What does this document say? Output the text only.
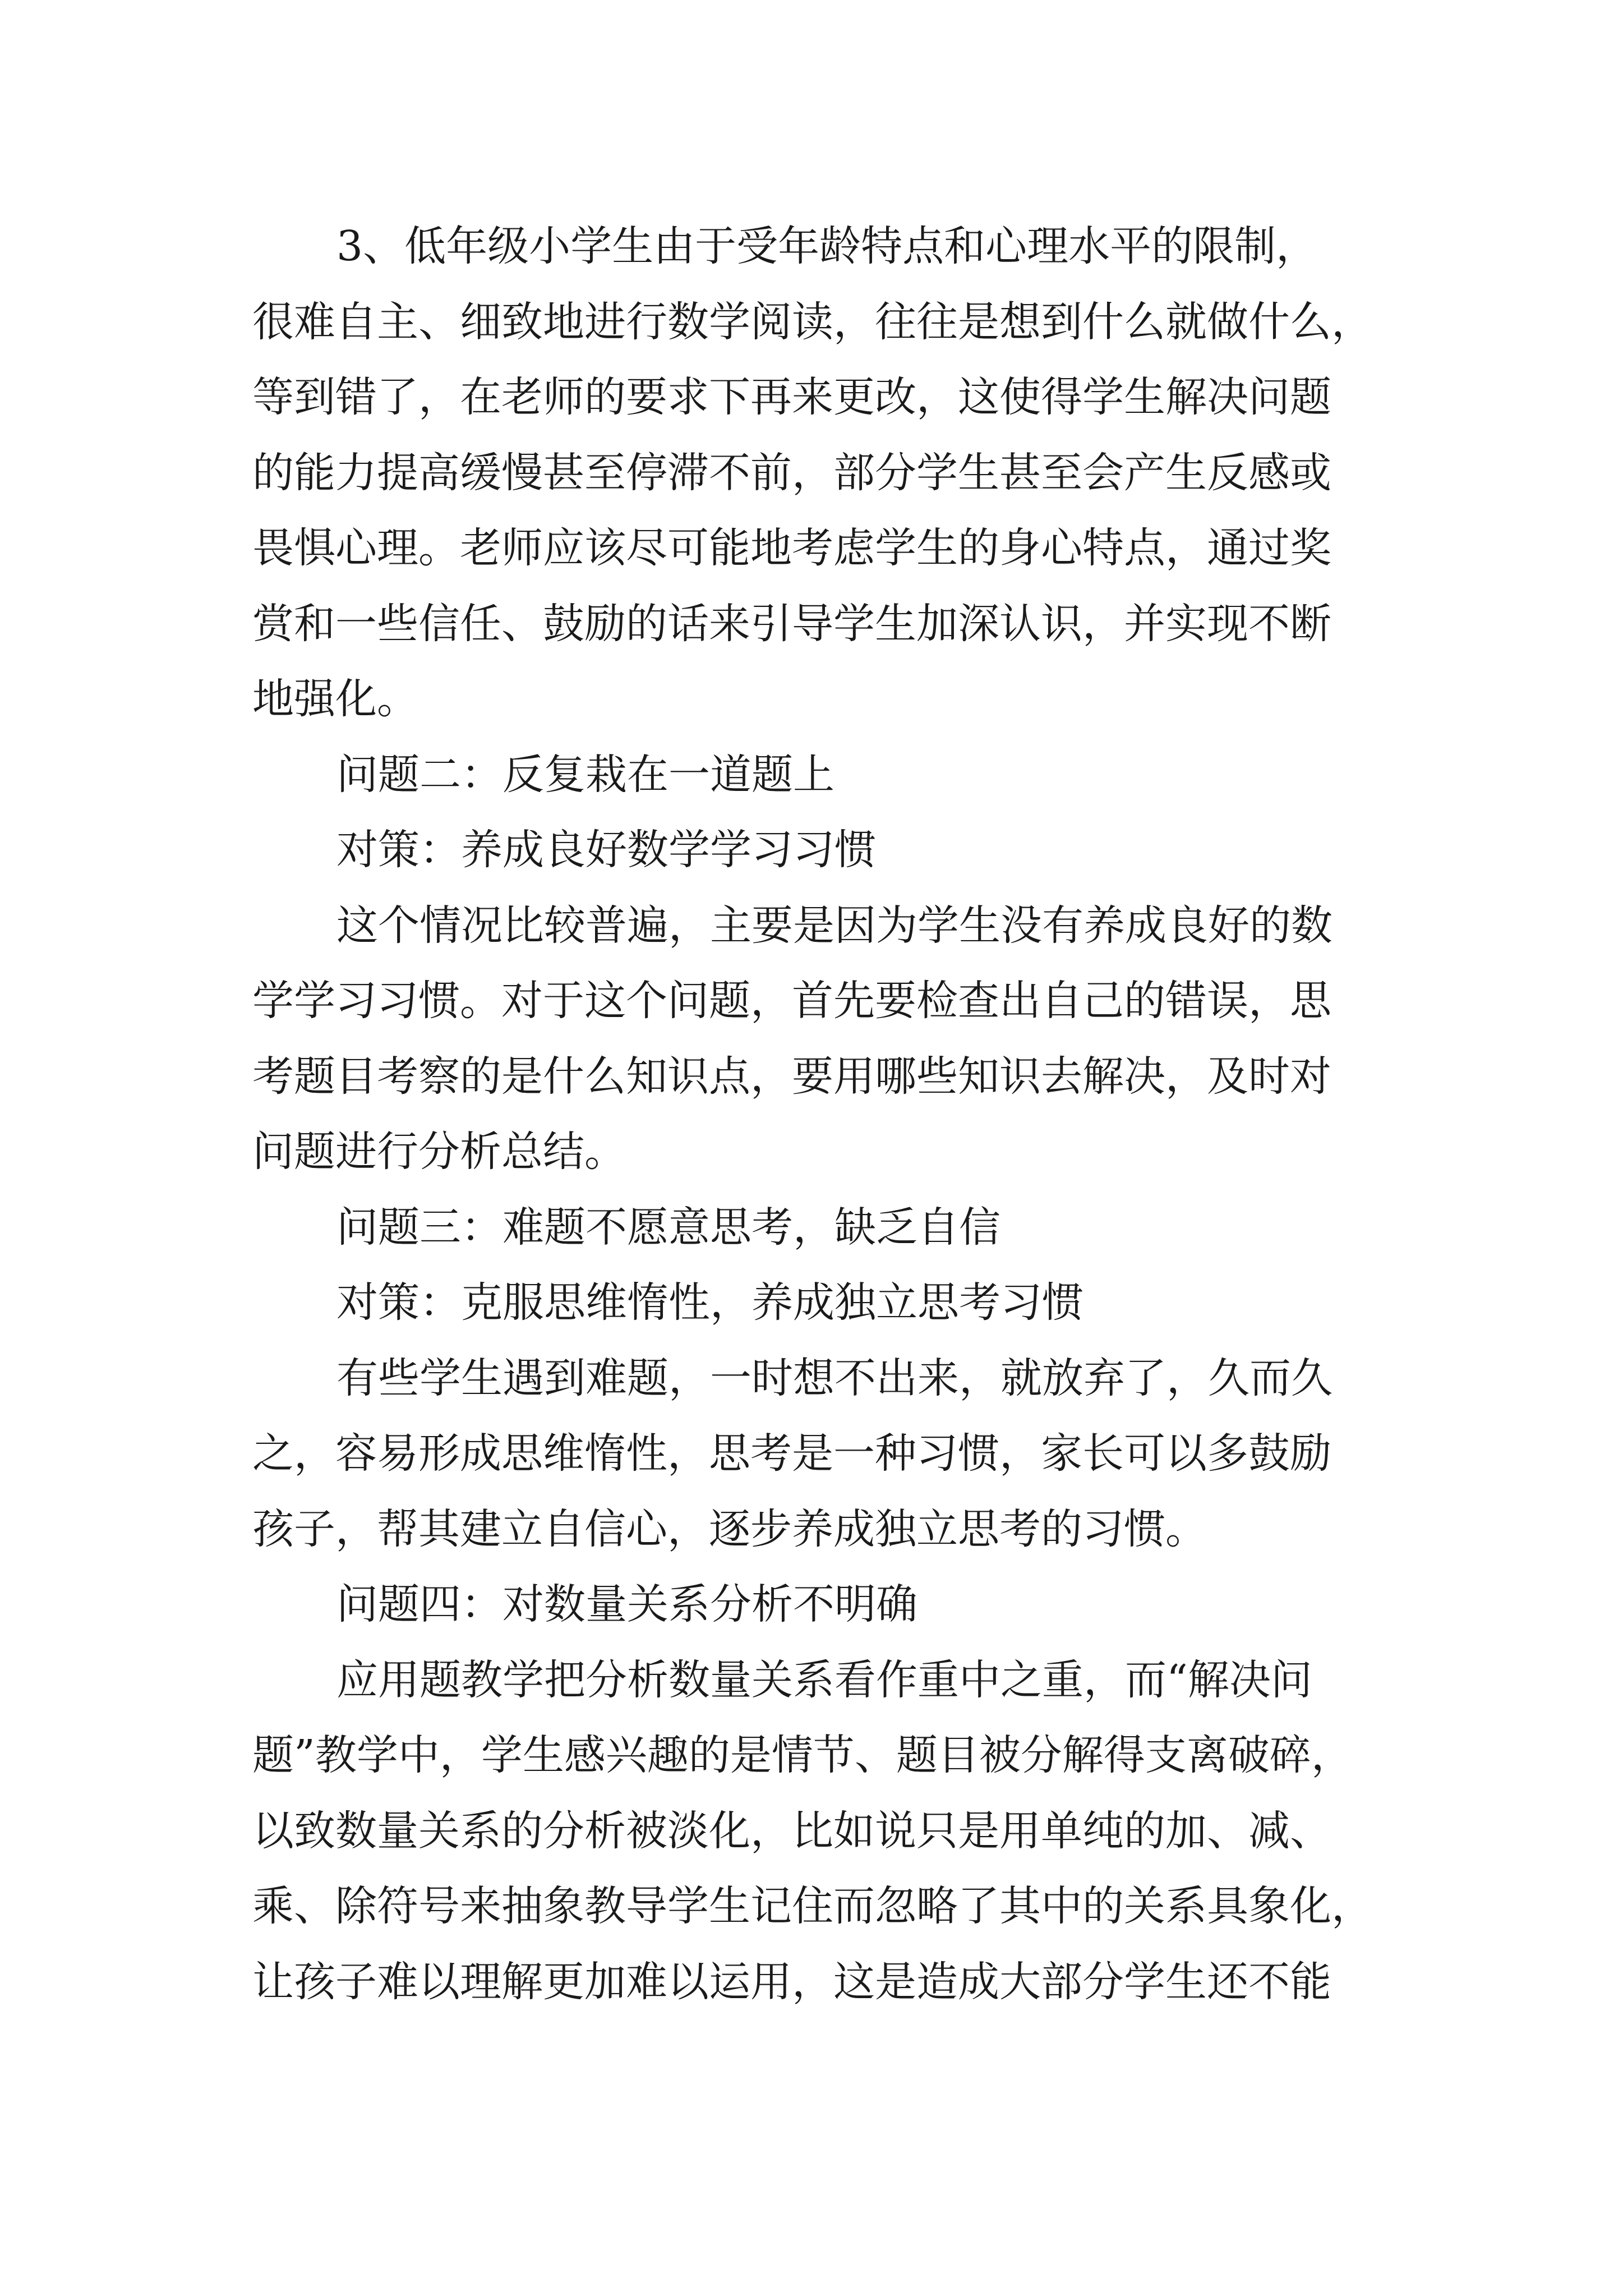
3、低年级小学生由于受年龄特点和心理水平的限制，
很难自主、细致地进行数学阅读，往往是想到什么就做什么，
等到错了，在老师的要求下再来更改，这使得学生解决问题
的能力提高缓慢甚至停滞不前，部分学生甚至会产生反感或
畏惧心理。老师应该尽可能地考虑学生的身心特点，通过奖
赏和一些信任、鼓励的话来引导学生加深认识，并实现不断
地强化。
问题二：反复栽在一道题上
对策：养成良好数学学习习惯
这个情况比较普遍，主要是因为学生没有养成良好的数
学学习习惯。对于这个问题，首先要检查出自己的错误，思
考题目考察的是什么知识点，要用哪些知识去解决，及时对
问题进行分析总结。
问题三：难题不愿意思考，缺乏自信
对策：克服思维惰性，养成独立思考习惯
有些学生遇到难题，一时想不出来，就放弃了，久而久
之，容易形成思维惰性，思考是一种习惯，家长可以多鼓励
孩子，帮其建立自信心，逐步养成独立思考的习惯。
问题四：对数量关系分析不明确
应用题教学把分析数量关系看作重中之重，而“解决问
题”教学中，学生感兴趣的是情节、题目被分解得支离破碎，
以致数量关系的分析被淡化，比如说只是用单纯的加、减、
乘、除符号来抽象教导学生记住而忽略了其中的关系具象化，
让孩子难以理解更加难以运用，这是造成大部分学生还不能
